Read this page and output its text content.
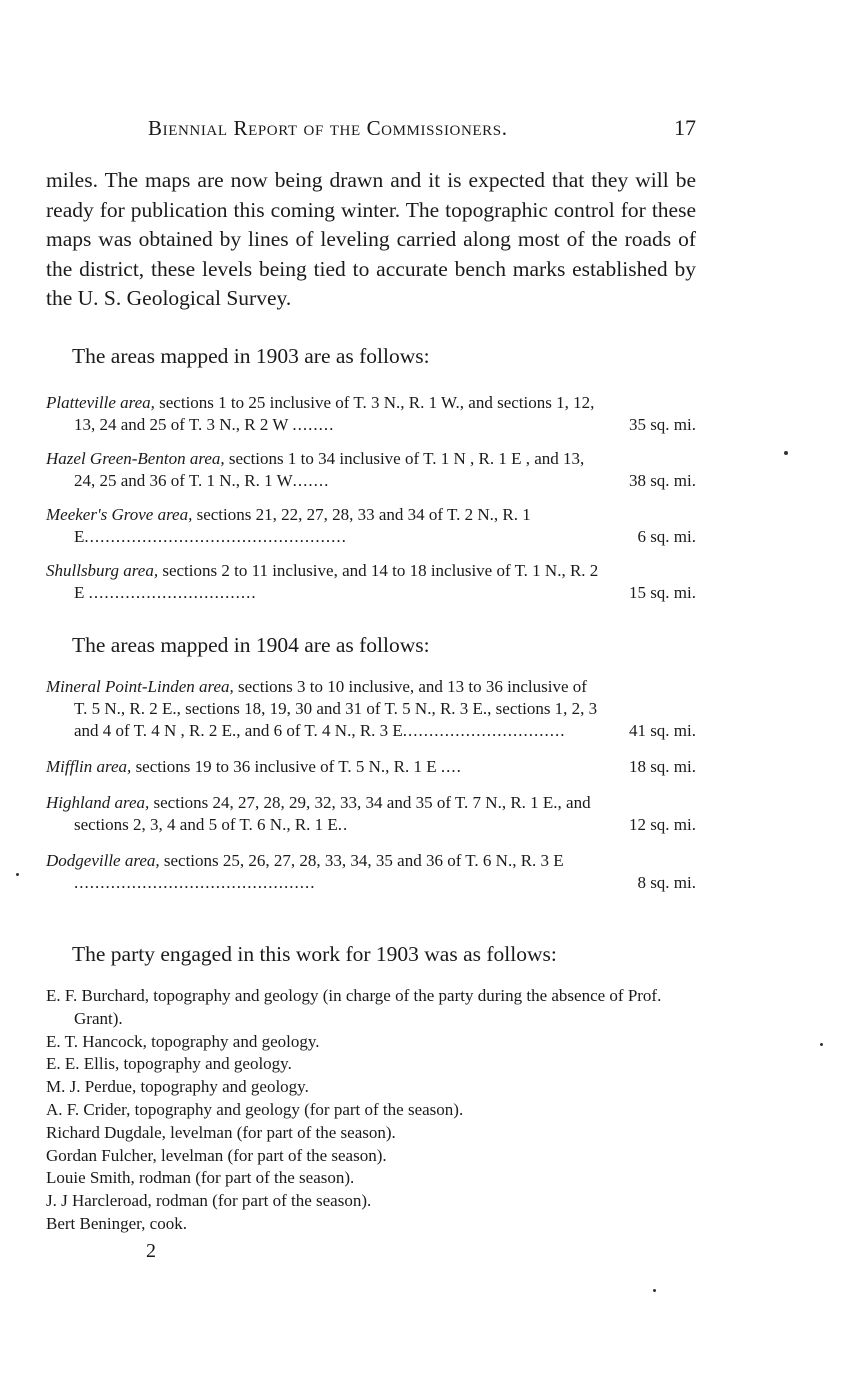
Biennial Report of the Commissioners.	17

miles. The maps are now being drawn and it is expected that they will be ready for publication this coming winter. The topographic control for these maps was obtained by lines of leveling carried along most of the roads of the district, these levels being tied to accurate bench marks established by the U. S. Geological Survey.

The areas mapped in 1903 are as follows:

Platteville area, sections 1 to 25 inclusive of T. 3 N., R. 1 W., and sections 1, 12, 13, 24 and 25 of T. 3 N., R 2 W ........	35 sq. mi.
Hazel Green-Benton area, sections 1 to 34 inclusive of T. 1 N , R. 1 E , and 13, 24, 25 and 36 of T. 1 N., R. 1 W.......	38 sq. mi.
Meeker's Grove area, sections 21, 22, 27, 28, 33 and 34 of T. 2 N., R. 1 E..................................................	6 sq. mi.
Shullsburg area, sections 2 to 11 inclusive, and 14 to 18 inclusive of T. 1 N., R. 2 E ................................	15 sq. mi.

The areas mapped in 1904 are as follows:

Mineral Point-Linden area, sections 3 to 10 inclusive, and 13 to 36 inclusive of T. 5 N., R. 2 E., sections 18, 19, 30 and 31 of T. 5 N., R. 3 E., sections 1, 2, 3 and 4 of T. 4 N , R. 2 E., and 6 of T. 4 N., R. 3 E...............................	41 sq. mi.
Mifflin area, sections 19 to 36 inclusive of T. 5 N., R. 1 E ....	18 sq. mi.
Highland area, sections 24, 27, 28, 29, 32, 33, 34 and 35 of T. 7 N., R. 1 E., and sections 2, 3, 4 and 5 of T. 6 N., R. 1 E..	12 sq. mi.
Dodgeville area, sections 25, 26, 27, 28, 33, 34, 35 and 36 of T. 6 N., R. 3 E ..............................................	8 sq. mi.

The party engaged in this work for 1903 was as follows:

E. F. Burchard, topography and geology (in charge of the party during the absence of Prof. Grant).
E. T. Hancock, topography and geology.
E. E. Ellis, topography and geology.
M. J. Perdue, topography and geology.
A. F. Crider, topography and geology (for part of the season).
Richard Dugdale, levelman (for part of the season).
Gordan Fulcher, levelman (for part of the season).
Louie Smith, rodman (for part of the season).
J. J Harcleroad, rodman (for part of the season).
Bert Beninger, cook.
2
